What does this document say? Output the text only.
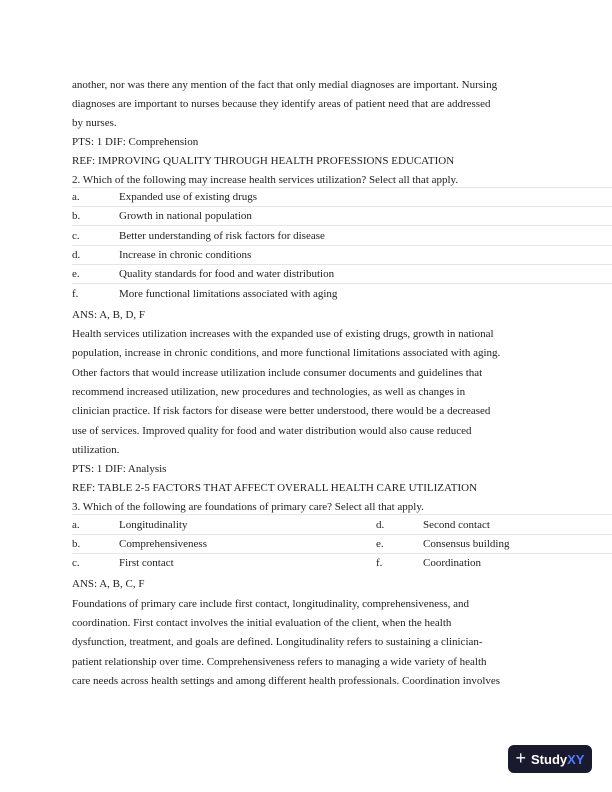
another, nor was there any mention of the fact that only medial diagnoses are important. Nursing
diagnoses are important to nurses because they identify areas of patient need that are addressed
by nurses.
PTS: 1 DIF: Comprehension
REF: IMPROVING QUALITY THROUGH HEALTH PROFESSIONS EDUCATION
2. Which of the following may increase health services utilization? Select all that apply.
a.	Expanded use of existing drugs
b.	Growth in national population
c.	Better understanding of risk factors for disease
d.	Increase in chronic conditions
e.	Quality standards for food and water distribution
f.	More functional limitations associated with aging
ANS: A, B, D, F
Health services utilization increases with the expanded use of existing drugs, growth in national
population, increase in chronic conditions, and more functional limitations associated with aging.
Other factors that would increase utilization include consumer documents and guidelines that
recommend increased utilization, new procedures and technologies, as well as changes in
clinician practice. If risk factors for disease were better understood, there would be a decreased
use of services. Improved quality for food and water distribution would also cause reduced
utilization.
PTS: 1 DIF: Analysis
REF: TABLE 2-5 FACTORS THAT AFFECT OVERALL HEALTH CARE UTILIZATION
3. Which of the following are foundations of primary care? Select all that apply.
a.	Longitudinality	d.	Second contact
b.	Comprehensiveness	e.	Consensus building
c.	First contact	f.	Coordination
ANS: A, B, C, F
Foundations of primary care include first contact, longitudinality, comprehensiveness, and
coordination. First contact involves the initial evaluation of the client, when the health
dysfunction, treatment, and goals are defined. Longitudinality refers to sustaining a clinician-
patient relationship over time. Comprehensiveness refers to managing a wide variety of health
care needs across health settings and among different health professionals. Coordination involves
+ Study XY
